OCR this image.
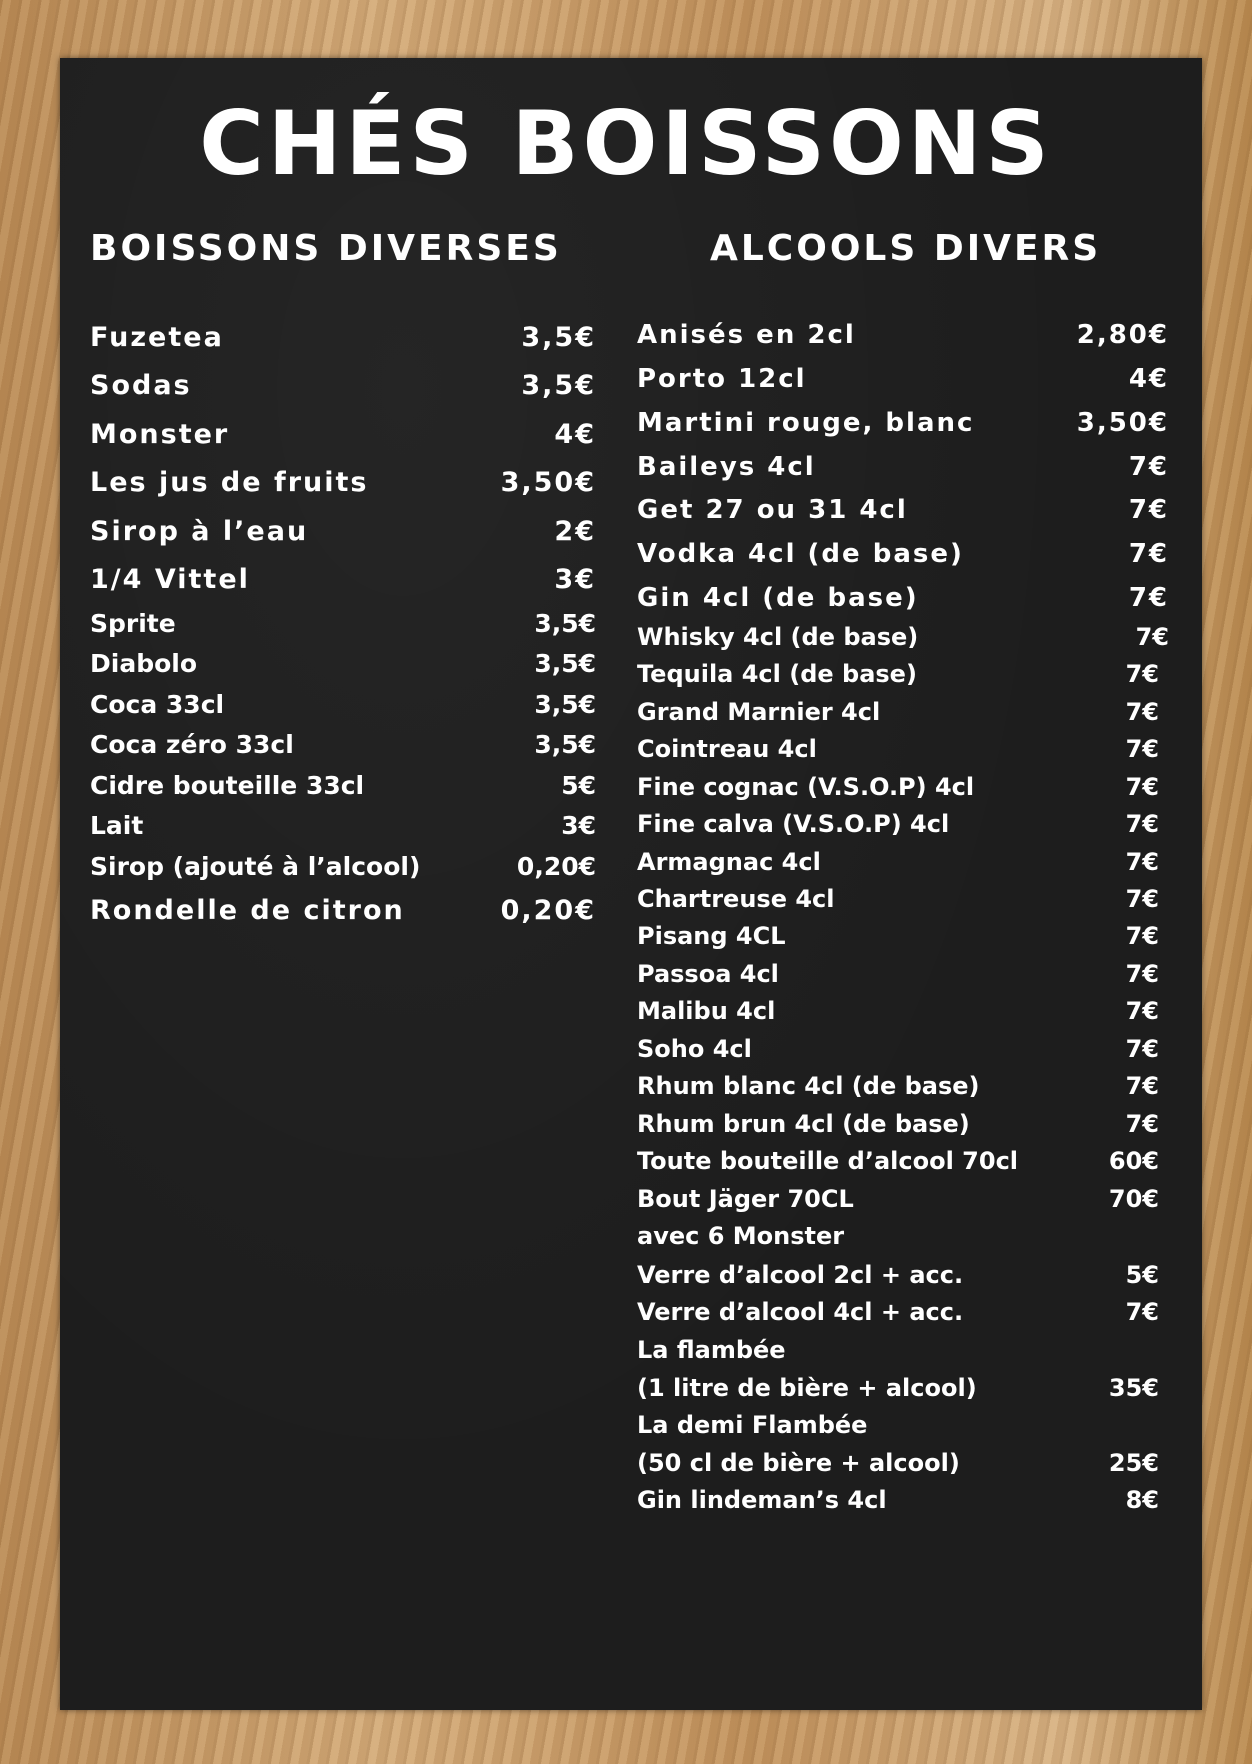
CHÉS BOISSONS
BOISSONS DIVERSES	ALCOOLS DIVERS
Fuzetea	3,5€
Sodas	3,5€
Monster	4€
Les jus de fruits	3,50€
Sirop à l’eau	2€
1/4 Vittel	3€
Sprite	3,5€
Diabolo	3,5€
Coca 33cl	3,5€
Coca zéro 33cl	3,5€
Cidre bouteille 33cl	5€
Lait	3€
Sirop (ajouté à l’alcool)	0,20€
Rondelle de citron	0,20€
Anisés en 2cl	2,80€
Porto 12cl	4€
Martini rouge, blanc	3,50€
Baileys 4cl	7€
Get 27 ou 31 4cl	7€
Vodka 4cl (de base)	7€
Gin 4cl (de base)	7€
Whisky 4cl (de base)	7€
Tequila 4cl (de base)	7€
Grand Marnier 4cl	7€
Cointreau 4cl	7€
Fine cognac (V.S.O.P) 4cl	7€
Fine calva (V.S.O.P) 4cl	7€
Armagnac 4cl	7€
Chartreuse 4cl	7€
Pisang 4CL	7€
Passoa 4cl	7€
Malibu 4cl	7€
Soho 4cl	7€
Rhum blanc 4cl (de base)	7€
Rhum brun 4cl (de base)	7€
Toute bouteille d’alcool 70cl	60€
Bout Jäger 70CL	70€
avec 6 Monster
Verre d’alcool 2cl + acc.	5€
Verre d’alcool 4cl + acc.	7€
La flambée
(1 litre de bière + alcool)	35€
La demi Flambée
(50 cl de bière + alcool)	25€
Gin lindeman’s 4cl	8€
